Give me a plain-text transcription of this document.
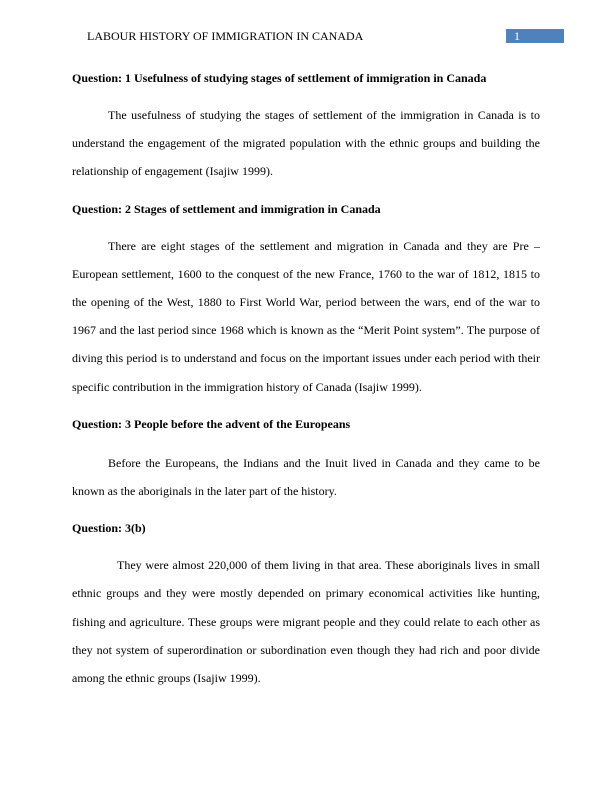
LABOUR HISTORY OF IMMIGRATION IN CANADA	1
Question: 1 Usefulness of studying stages of settlement of immigration in Canada

The usefulness of studying the stages of settlement of the immigration in Canada is to understand the engagement of the migrated population with the ethnic groups and building the relationship of engagement (Isajiw 1999).

Question: 2 Stages of settlement and immigration in Canada

There are eight stages of the settlement and migration in Canada and they are Pre – European settlement, 1600 to the conquest of the new France, 1760 to the war of 1812, 1815 to the opening of the West, 1880 to First World War, period between the wars, end of the war to 1967 and the last period since 1968 which is known as the “Merit Point system”. The purpose of diving this period is to understand and focus on the important issues under each period with their specific contribution in the immigration history of Canada (Isajiw 1999).

Question: 3 People before the advent of the Europeans

Before the Europeans, the Indians and the Inuit lived in Canada and they came to be known as the aboriginals in the later part of the history.

Question: 3(b)

They were almost 220,000 of them living in that area. These aboriginals lives in small ethnic groups and they were mostly depended on primary economical activities like hunting, fishing and agriculture. These groups were migrant people and they could relate to each other as they not system of superordination or subordination even though they had rich and poor divide among the ethnic groups (Isajiw 1999).
